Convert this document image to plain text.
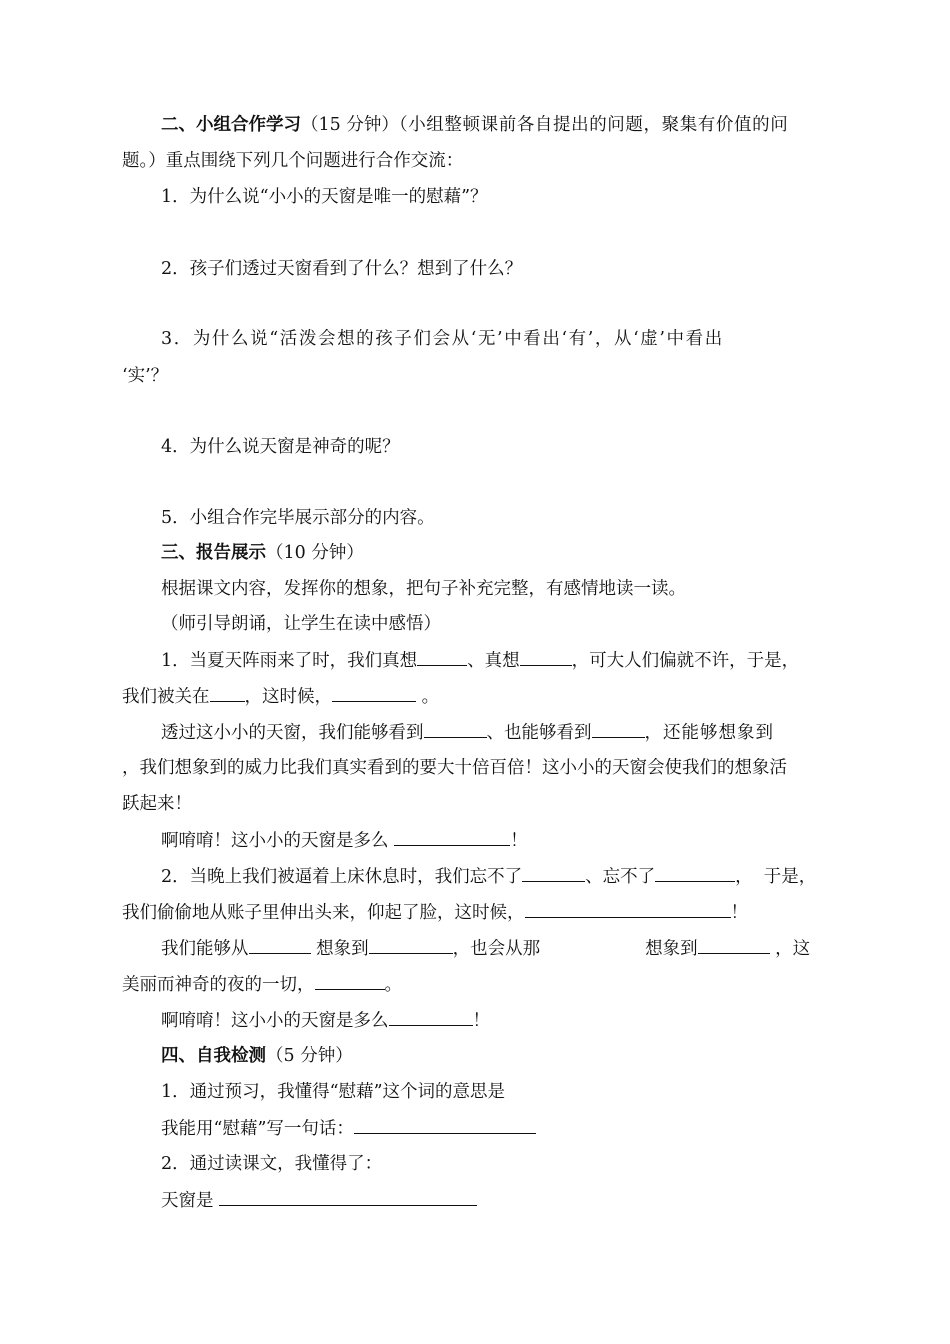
二、小组合作学习（15 分钟）（小组整顿课前各自提出的问题，聚集有价值的问
题。）重点围绕下列几个问题进行合作交流：
1．为什么说“小小的天窗是唯一的慰藉”？
2．孩子们透过天窗看到了什么？想到了什么？
3．为什么说“活泼会想的孩子们会从‘无’中看出‘有’，从‘虚’中看出
‘实’？
4．为什么说天窗是神奇的呢？
5．小组合作完毕展示部分的内容。
三、报告展示（10 分钟）
根据课文内容，发挥你的想象，把句子补充完整，有感情地读一读。
（师引导朗诵，让学生在读中感悟）
1．当夏天阵雨来了时，我们真想	、真想	，可大人们偏就不许，于是，
我们被关在 ，这时候，	。
透过这小小的天窗，我们能够看到	、也能够看到	，还能够想象到
，我们想象到的威力比我们真实看到的要大十倍百倍！这小小的天窗会使我们的想象活
跃起来！
啊唷唷！这小小的天窗是多么	！
2．当晚上我们被逼着上床休息时，我们忘不了	、忘不了	，  于是，
我们偷偷地从账子里伸出头来，仰起了脸，这时候，	！
我们能够从	想象到	，也会从那	想象到	，这
美丽而神奇的夜的一切，	。
啊唷唷！这小小的天窗是多么	！
四、自我检测（5 分钟）
1．通过预习，我懂得“慰藉”这个词的意思是
我能用“慰藉”写一句话：
2．通过读课文，我懂得了：
天窗是
